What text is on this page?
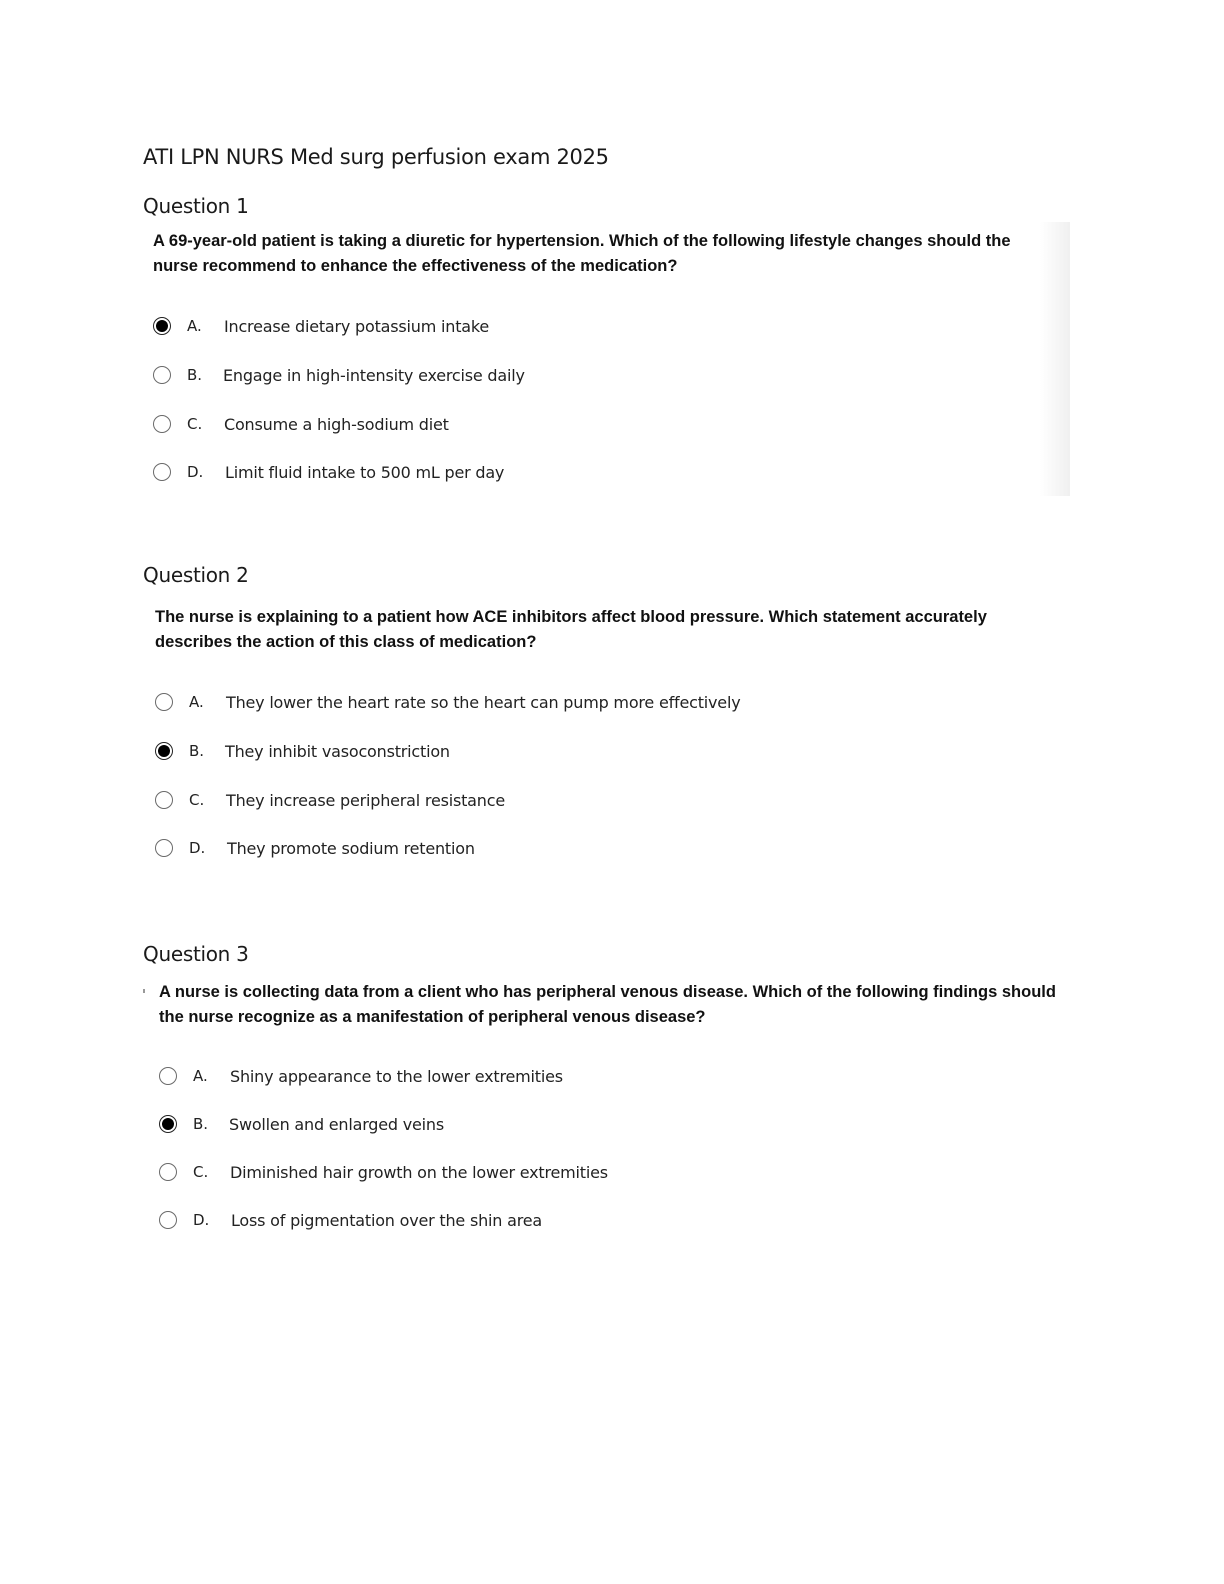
ATI LPN NURS Med surg perfusion exam 2025
Question 1

A 69-year-old patient is taking a diuretic for hypertension. Which of the following lifestyle changes should the nurse recommend to enhance the effectiveness of the medication?

A. Increase dietary potassium intake
B. Engage in high-intensity exercise daily
C. Consume a high-sodium diet
D. Limit fluid intake to 500 mL per day
Question 2

The nurse is explaining to a patient how ACE inhibitors affect blood pressure. Which statement accurately describes the action of this class of medication?

A. They lower the heart rate so the heart can pump more effectively
B. They inhibit vasoconstriction
C. They increase peripheral resistance
D. They promote sodium retention
Question 3

A nurse is collecting data from a client who has peripheral venous disease. Which of the following findings should the nurse recognize as a manifestation of peripheral venous disease?

A. Shiny appearance to the lower extremities
B. Swollen and enlarged veins
C. Diminished hair growth on the lower extremities
D. Loss of pigmentation over the shin area
